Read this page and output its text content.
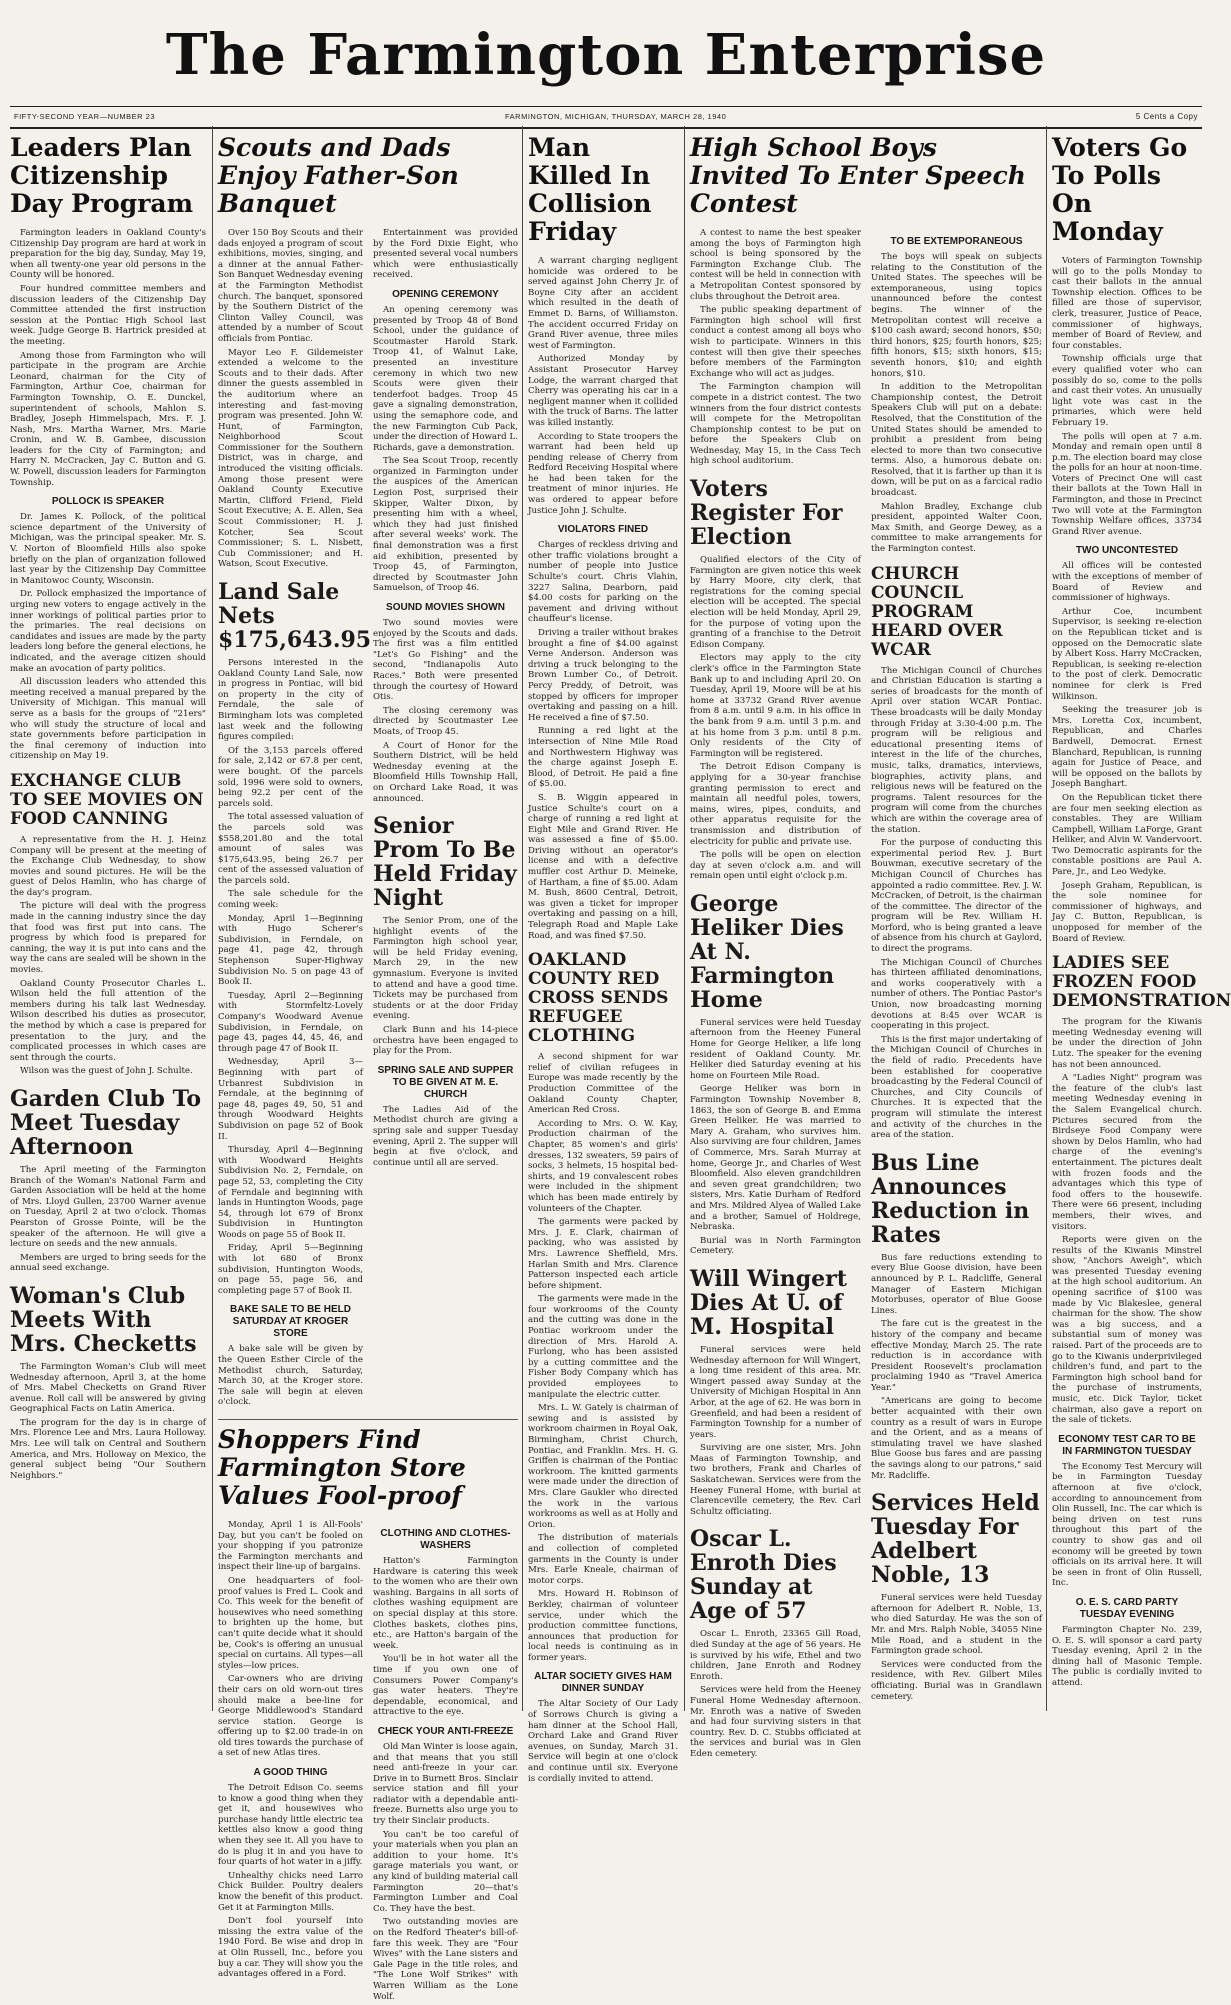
The Farmington Enterprise
FIFTY-SECOND YEAR—NUMBER 23	FARMINGTON, MICHIGAN, THURSDAY, MARCH 28, 1940	5 Cents a Copy
Leaders Plan Citizenship Day Program

Farmington leaders in Oakland County's Citizenship Day program are hard at work in preparation for the big day, Sunday, May 19, when all twenty-one year old persons in the County will be honored.

Four hundred committee members and discussion leaders of the Citizenship Day Committee attended the first instruction session at the Pontiac High School last week. Judge George B. Hartrick presided at the meeting.

Among those from Farmington who will participate in the program are Archie Leonard, chairman for the City of Farmington, Arthur Coe, chairman for Farmington Township, O. E. Dunckel, superintendent of schools, Mahlon S. Bradley, Joseph Himmelspach, Mrs. F. J. Nash, Mrs. Martha Warner, Mrs. Marie Cronin, and W. B. Gambee, discussion leaders for the City of Farmington; and Harry N. McCracken, Jay C. Button and G. W. Powell, discussion leaders for Farmington Township.

POLLOCK IS SPEAKER

Dr. James K. Pollock, of the political science department of the University of Michigan, was the principal speaker. Mr. S. V. Norton of Bloomfield Hills also spoke briefly on the plan of organization followed last year by the Citizenship Day Committee in Manitowoc County, Wisconsin.

Dr. Pollock emphasized the importance of urging new voters to engage actively in the inner workings of political parties prior to the primaries. The real decisions on candidates and issues are made by the party leaders long before the general elections, he indicated, and the average citizen should make an avocation of party politics.

All discussion leaders who attended this meeting received a manual prepared by the University of Michigan. This manual will serve as a basis for the groups of "21ers" who will study the structure of local and state governments before participation in the final ceremony of induction into citizenship on May 19.

EXCHANGE CLUB TO SEE MOVIES ON FOOD CANNING

A representative from the H. J. Heinz Company will be present at the meeting of the Exchange Club Wednesday, to show movies and sound pictures. He will be the guest of Delos Hamlin, who has charge of the day's program.

The picture will deal with the progress made in the canning industry since the day that food was first put into cans. The progress by which food is prepared for canning, the way it is put into cans and the way the cans are sealed will be shown in the movies.

Oakland County Prosecutor Charles L. Wilson held the full attention of the members during his talk last Wednesday. Wilson described his duties as prosecutor, the method by which a case is prepared for presentation to the jury, and the complicated processes in which cases are sent through the courts.

Wilson was the guest of John J. Schulte.

Garden Club To Meet Tuesday Afternoon

The April meeting of the Farmington Branch of the Woman's National Farm and Garden Association will be held at the home of Mrs. Lloyd Gullen, 23700 Warner avenue on Tuesday, April 2 at two o'clock. Thomas Pearston of Grosse Pointe, will be the speaker of the afternoon. He will give a lecture on seeds and the new annuals.

Members are urged to bring seeds for the annual seed exchange.

Woman's Club Meets With Mrs. Checketts

The Farmington Woman's Club will meet Wednesday afternoon, April 3, at the home of Mrs. Mabel Checketts on Grand River avenue. Roll call will be answered by giving Geographical Facts on Latin America.

The program for the day is in charge of Mrs. Florence Lee and Mrs. Laura Holloway. Mrs. Lee will talk on Central and Southern America, and Mrs. Holloway on Mexico, the general subject being "Our Southern Neighbors."

Scouts and Dads Enjoy Father-Son Banquet

Over 150 Boy Scouts and their dads enjoyed a program of scout exhibitions, movies, singing, and a dinner at the annual Father-Son Banquet Wednesday evening at the Farmington Methodist church. The banquet, sponsored by the Southern District of the Clinton Valley Council, was attended by a number of Scout officials from Pontiac.

Mayor Leo F. Gildemeister extended a welcome to the Scouts and to their dads. After dinner the guests assembled in the auditorium where an interesting and fast-moving program was presented. John W. Hunt, of Farmington, Neighborhood Scout Commissioner for the Southern District, was in charge, and introduced the visiting officials. Among those present were Oakland County Executive Martin, Clifford Friend, Field Scout Executive; A. E. Allen, Sea Scout Commissioner; H. J. Kotcher, Sea Scout Commissioner; S. L. Nisbett, Cub Commissioner; and H. Watson, Scout Executive.

Land Sale Nets $175,643.95

Persons interested in the Oakland County Land Sale, now in progress in Pontiac, will bid on property in the city of Ferndale, the sale of Birmingham lots was completed last week and the following figures compiled:

Of the 3,153 parcels offered for sale, 2,142 or 67.8 per cent, were bought. Of the parcels sold, 1996 were sold to owners, being 92.2 per cent of the parcels sold.

The total assessed valuation of the parcels sold was $558,201.80 and the total amount of sales was $175,643.95, being 26.7 per cent of the assessed valuation of the parcels sold.

The sale schedule for the coming week:

Monday, April 1—Beginning with Hugo Scherer's Subdivision, in Ferndale, on page 41, page 42, through Stephenson Super-Highway Subdivision No. 5 on page 43 of Book II.

Tuesday, April 2—Beginning with Stormfeltz-Lovely Company's Woodward Avenue Subdivision, in Ferndale, on page 43, pages 44, 45, 46, and through page 47 of Book II.

Wednesday, April 3—Beginning with part of Urbanrest Subdivision in Ferndale, at the beginning of page 48, pages 49, 50, 51 and through Woodward Heights Subdivision on page 52 of Book II.

Thursday, April 4—Beginning with Woodward Heights Subdivision No. 2, Ferndale, on page 52, 53, completing the City of Ferndale and beginning with lands in Huntington Woods, page 54, through lot 679 of Bronx Subdivision in Huntington Woods on page 55 of Book II.

Friday, April 5—Beginning with lot 680 of Bronx subdivision, Huntington Woods, on page 55, page 56, and completing page 57 of Book II.

BAKE SALE TO BE HELD SATURDAY AT KROGER STORE

A bake sale will be given by the Queen Esther Circle of the Methodist church, Saturday, March 30, at the Kroger store. The sale will begin at eleven o'clock.

Entertainment was provided by the Ford Dixie Eight, who presented several vocal numbers which were enthusiastically received.

OPENING CEREMONY

An opening ceremony was presented by Troop 48 of Bond School, under the guidance of Scoutmaster Harold Stark. Troop 41, of Walnut Lake, presented an investiture ceremony in which two new Scouts were given their tenderfoot badges. Troop 45 gave a signaling demonstration, using the semaphore code, and the new Farmington Cub Pack, under the direction of Howard L. Richards, gave a demonstration.

The Sea Scout Troop, recently organized in Farmington under the auspices of the American Legion Post, surprised their Skipper, Walter Dixon, by presenting him with a wheel, which they had just finished after several weeks' work. The final demonstration was a first aid exhibition, presented by Troop 45, of Farmington, directed by Scoutmaster John Samuelson, of Troop 46.

SOUND MOVIES SHOWN

Two sound movies were enjoyed by the Scouts and dads. The first was a film entitled "Let's Go Fishing" and the second, "Indianapolis Auto Races." Both were presented through the courtesy of Howard Otis.

The closing ceremony was directed by Scoutmaster Lee Moats, of Troop 45.

A Court of Honor for the Southern District, will be held Wednesday evening at the Bloomfield Hills Township Hall, on Orchard Lake Road, it was announced.

Senior Prom To Be Held Friday Night

The Senior Prom, one of the highlight events of the Farmington high school year, will be held Friday evening, March 29, in the new gymnasium. Everyone is invited to attend and have a good time. Tickets may be purchased from students or at the door Friday evening.

Clark Bunn and his 14-piece orchestra have been engaged to play for the Prom.

SPRING SALE AND SUPPER TO BE GIVEN AT M. E. CHURCH

The Ladies Aid of the Methodist church are giving a spring sale and supper Tuesday evening, April 2. The supper will begin at five o'clock, and continue until all are served.

Shoppers Find Farmington Store Values Fool-proof

Monday, April 1 is All-Fools' Day, but you can't be fooled on your shopping if you patronize the Farmington merchants and inspect their line-up of bargains.

One headquarters of fool-proof values is Fred L. Cook and Co. This week for the benefit of housewives who need something to brighten up the home, but can't quite decide what it should be, Cook's is offering an unusual special on curtains. All types—all styles—low prices.

Car-owners who are driving their cars on old worn-out tires should make a bee-line for George Middlewood's Standard service station. George is offering up to $2.00 trade-in on old tires towards the purchase of a set of new Atlas tires.

A GOOD THING

The Detroit Edison Co. seems to know a good thing when they get it, and housewives who purchase handy little electric tea kettles also know a good thing when they see it. All you have to do is plug it in and you have to four quarts of hot water in a jiffy.

Unhealthy chicks need Larro Chick Builder. Poultry dealers know the benefit of this product. Get it at Farmington Mills.

Don't fool yourself into missing the extra value of the 1940 Ford. Be wise and drop in at Olin Russell, Inc., before you buy a car. They will show you the advantages offered in a Ford.

CLOTHING AND CLOTHES-WASHERS

Hatton's Farmington Hardware is catering this week to the women who are their own washing. Bargains in all sorts of clothes washing equipment are on special display at this store. Clothes baskets, clothes pins, etc., are Hatton's bargain of the week.

You'll be in hot water all the time if you own one of Consumers Power Company's gas water heaters. They're dependable, economical, and attractive to the eye.

CHECK YOUR ANTI-FREEZE

Old Man Winter is loose again, and that means that you still need anti-freeze in your car. Drive in to Burnett Bros. Sinclair service station and fill your radiator with a dependable anti-freeze. Burnetts also urge you to try their Sinclair products.

You can't be too careful of your materials when you plan an addition to your home. It's garage materials you want, or any kind of building material call Farmington 20—that's Farmington Lumber and Coal Co. They have the best.

Two outstanding movies are on the Redford Theater's bill-of-fare this week. They are "Four Wives" with the Lane sisters and Gale Page in the title roles, and "The Lone Wolf Strikes" with Warren William as the Lone Wolf.

Man Killed In Collision Friday

A warrant charging negligent homicide was ordered to be served against John Cherry Jr. of Boyne City after an accident which resulted in the death of Emmet D. Barns, of Williamston. The accident occurred Friday on Grand River avenue, three miles west of Farmington.

Authorized Monday by Assistant Prosecutor Harvey Lodge, the warrant charged that Cherry was operating his car in a negligent manner when it collided with the truck of Barns. The latter was killed instantly.

According to State troopers the warrant had been held up pending release of Cherry from Redford Receiving Hospital where he had been taken for the treatment of minor injuries. He was ordered to appear before Justice John J. Schulte.

VIOLATORS FINED

Charges of reckless driving and other traffic violations brought a number of people into Justice Schulte's court. Chris Vlahin, 3227 Salina, Dearborn, paid $4.00 costs for parking on the pavement and driving without chauffeur's license.

Driving a trailer without brakes brought a fine of $4.00 against Verne Anderson. Anderson was driving a truck belonging to the Brown Lumber Co., of Detroit. Percy Preddy, of Detroit, was stopped by officers for improper overtaking and passing on a hill. He received a fine of $7.50.

Running a red light at the intersection of Nine Mile Road and Northwestern Highway was the charge against Joseph E. Blood, of Detroit. He paid a fine of $5.00.

S. B. Wiggin appeared in Justice Schulte's court on a charge of running a red light at Eight Mile and Grand River. He was assessed a fine of $5.00. Driving without an operator's license and with a defective muffler cost Arthur D. Meineke, of Hartham, a fine of $5.00. Adam M. Bush, 8600 Central, Detroit, was given a ticket for improper overtaking and passing on a hill, Telegraph Road and Maple Lake Road, and was fined $7.50.

OAKLAND COUNTY RED CROSS SENDS REFUGEE CLOTHING

A second shipment for war relief of civilian refugees in Europe was made recently by the Production Committee of the Oakland County Chapter, American Red Cross.

According to Mrs. O. W. Kay, Production chairman of the Chapter, 85 women's and girls' dresses, 132 sweaters, 59 pairs of socks, 3 helmets, 15 hospital bed-shirts, and 19 convalescent robes were included in the shipment which has been made entirely by volunteers of the Chapter.

The garments were packed by Mrs. J. E. Clark, chairman of packing, who was assisted by Mrs. Lawrence Sheffield, Mrs. Harlan Smith and Mrs. Clarence Patterson inspected each article before shipment.

The garments were made in the four workrooms of the County and the cutting was done in the Pontiac workroom under the direction of Mrs. Harold A. Furlong, who has been assisted by a cutting committee and the Fisher Body Company which has provided employees to manipulate the electric cutter.

Mrs. L. W. Gately is chairman of sewing and is assisted by workroom chairmen in Royal Oak, Birmingham, Christ Church, Pontiac, and Franklin. Mrs. H. G. Griffen is chairman of the Pontiac workroom. The knitted garments were made under the direction of Mrs. Clare Gaukler who directed the work in the various workrooms as well as at Holly and Orion.

The distribution of materials and collection of completed garments in the County is under Mrs. Earle Kneale, chairman of motor corps.

Mrs. Howard H. Robinson of Berkley, chairman of volunteer service, under which the production committee functions, announces that production for local needs is continuing as in former years.

ALTAR SOCIETY GIVES HAM DINNER SUNDAY

The Altar Society of Our Lady of Sorrows Church is giving a ham dinner at the School Hall, Orchard Lake and Grand River avenues, on Sunday, March 31. Service will begin at one o'clock and continue until six. Everyone is cordially invited to attend.

High School Boys Invited To Enter Speech Contest

A contest to name the best speaker among the boys of Farmington high school is being sponsored by the Farmington Exchange Club. The contest will be held in connection with a Metropolitan Contest sponsored by clubs throughout the Detroit area.

The public speaking department of Farmington high school will first conduct a contest among all boys who wish to participate. Winners in this contest will then give their speeches before members of the Farmington Exchange who will act as judges.

The Farmington champion will compete in a district contest. The two winners from the four district contests will compete for the Metropolitan Championship contest to be put on before the Speakers Club on Wednesday, May 15, in the Cass Tech high school auditorium.

Voters Register For Election

Qualified electors of the City of Farmington are given notice this week by Harry Moore, city clerk, that registrations for the coming special election will be accepted. The special election will be held Monday, April 29, for the purpose of voting upon the granting of a franchise to the Detroit Edison Company.

Electors may apply to the city clerk's office in the Farmington State Bank up to and including April 20. On Tuesday, April 19, Moore will be at his home at 33732 Grand River avenue from 8 a.m. until 9 a.m. in his office in the bank from 9 a.m. until 3 p.m. and at his home from 3 p.m. until 8 p.m. Only residents of the City of Farmington will be registered.

The Detroit Edison Company is applying for a 30-year franchise granting permission to erect and maintain all needful poles, towers, mains, wires, pipes, conduits, and other apparatus requisite for the transmission and distribution of electricity for public and private use.

The polls will be open on election day at seven o'clock a.m. and will remain open until eight o'clock p.m.

George Heliker Dies At N. Farmington Home

Funeral services were held Tuesday afternoon from the Heeney Funeral Home for George Heliker, a life long resident of Oakland County. Mr. Heliker died Saturday evening at his home on Fourteen Mile Road.

George Heliker was born in Farmington Township November 8, 1863, the son of George B. and Emma Green Heliker. He was married to Mary A. Graham, who survives him. Also surviving are four children, James of Commerce, Mrs. Sarah Murray at home, George Jr., and Charles of West Bloomfield. Also eleven grandchildren and seven great grandchildren; two sisters, Mrs. Katie Durham of Redford and Mrs. Mildred Alyea of Walled Lake and a brother, Samuel of Holdrege, Nebraska.

Burial was in North Farmington Cemetery.

Will Wingert Dies At U. of M. Hospital

Funeral services were held Wednesday afternoon for Will Wingert, a long time resident of this area. Mr. Wingert passed away Sunday at the University of Michigan Hospital in Ann Arbor, at the age of 62. He was born in Greenfield, and had been a resident of Farmington Township for a number of years.

Surviving are one sister, Mrs. John Maas of Farmington Township, and two brothers, Frank and Charles of Saskatchewan. Services were from the Heeney Funeral Home, with burial at Clarenceville cemetery, the Rev. Carl Schultz officiating.

Oscar L. Enroth Dies Sunday at Age of 57

Oscar L. Enroth, 23365 Gill Road, died Sunday at the age of 56 years. He is survived by his wife, Ethel and two children, Jane Enroth and Rodney Enroth.

Services were held from the Heeney Funeral Home Wednesday afternoon. Mr. Enroth was a native of Sweden and had four surviving sisters in that country. Rev. D. C. Stubbs officiated at the services and burial was in Glen Eden cemetery.

TO BE EXTEMPORANEOUS

The boys will speak on subjects relating to the Constitution of the United States. The speeches will be extemporaneous, using topics unannounced before the contest begins. The winner of the Metropolitan contest will receive a $100 cash award; second honors, $50; third honors, $25; fourth honors, $25; fifth honors, $15; sixth honors, $15; seventh honors, $10; and eighth honors, $10.

In addition to the Metropolitan Championship contest, the Detroit Speakers Club will put on a debate: Resolved, that the Constitution of the United States should be amended to prohibit a president from being elected to more than two consecutive terms. Also, a humorous debate on: Resolved, that it is farther up than it is down, will be put on as a farcical radio broadcast.

Mahlon Bradley, Exchange club president, appointed Walter Coon, Max Smith, and George Dewey, as a committee to make arrangements for the Farmington contest.

CHURCH COUNCIL PROGRAM HEARD OVER WCAR

The Michigan Council of Churches and Christian Education is starting a series of broadcasts for the month of April over station WCAR Pontiac. These broadcasts will be daily Monday through Friday at 3:30-4:00 p.m. The program will be religious and educational presenting items of interest in the life of the churches, music, talks, dramatics, interviews, biographies, activity plans, and religious news will be featured on the programs. Talent resources for the program will come from the churches which are within the coverage area of the station.

For the purpose of conducting this experimental period Rev. J. Burt Bouwman, executive secretary of the Michigan Council of Churches has appointed a radio committee. Rev. J. W. McCracken, of Detroit, is the chairman of the committee. The director of the program will be Rev. William H. Morford, who is being granted a leave of absence from his church at Gaylord, to direct the programs.

The Michigan Council of Churches has thirteen affiliated denominations, and works cooperatively with a number of others. The Pontiac Pastor's Union, now broadcasting morning devotions at 8:45 over WCAR is cooperating in this project.

This is the first major undertaking of the Michigan Council of Churches in the field of radio. Precedents have been established for cooperative broadcasting by the Federal Council of Churches, and City Councils of Churches. It is expected that the program will stimulate the interest and activity of the churches in the area of the station.

Bus Line Announces Reduction in Rates

Bus fare reductions extending to every Blue Goose division, have been announced by P. L. Radcliffe, General Manager of Eastern Michigan Motorbuses, operator of Blue Goose Lines.

The fare cut is the greatest in the history of the company and became effective Monday, March 25. The rate reduction is in accordance with President Roosevelt's proclamation proclaiming 1940 as "Travel America Year."

"Americans are going to become better acquainted with their own country as a result of wars in Europe and the Orient, and as a means of stimulating travel we have slashed Blue Goose bus fares and are passing the savings along to our patrons," said Mr. Radcliffe.

Services Held Tuesday For Adelbert Noble, 13

Funeral services were held Tuesday afternoon for Adelbert R. Noble, 13, who died Saturday. He was the son of Mr. and Mrs. Ralph Noble, 34055 Nine Mile Road, and a student in the Farmington grade school.

Services were conducted from the residence, with Rev. Gilbert Miles officiating. Burial was in Grandlawn cemetery.

Voters Go To Polls On Monday

Voters of Farmington Township will go to the polls Monday to cast their ballots in the annual Township election. Offices to be filled are those of supervisor, clerk, treasurer, Justice of Peace, commissioner of highways, member of Board of Review, and four constables.

Township officials urge that every qualified voter who can possibly do so, come to the polls and cast their votes. An unusually light vote was cast in the primaries, which were held February 19.

The polls will open at 7 a.m. Monday and remain open until 8 p.m. The election board may close the polls for an hour at noon-time. Voters of Precinct One will cast their ballots at the Town Hall in Farmington, and those in Precinct Two will vote at the Farmington Township Welfare offices, 33734 Grand River avenue.

TWO UNCONTESTED

All offices will be contested with the exceptions of member of Board of Review and commissioner of highways.

Arthur Coe, incumbent Supervisor, is seeking re-election on the Republican ticket and is opposed on the Democratic slate by Albert Koss. Harry McCracken, Republican, is seeking re-election to the post of clerk. Democratic nominee for clerk is Fred Wilkinson.

Seeking the treasurer job is Mrs. Loretta Cox, incumbent, Republican, and Charles Bardwell, Democrat. Ernest Blanchard, Republican, is running again for Justice of Peace, and will be opposed on the ballots by Joseph Banghart.

On the Republican ticket there are four men seeking election as constables. They are William Campbell, William LaForge, Grant Heliker, and Alvin W. Vandervoort. Two Democratic aspirants for the constable positions are Paul A. Pare, Jr., and Leo Wedyke.

Joseph Graham, Republican, is the sole nominee for commissioner of highways, and Jay C. Button, Republican, is unopposed for member of the Board of Review.

LADIES SEE FROZEN FOOD DEMONSTRATION

The program for the Kiwanis meeting Wednesday evening will be under the direction of John Lutz. The speaker for the evening has not been announced.

A "Ladies Night" program was the feature of the club's last meeting Wednesday evening in the Salem Evangelical church. Pictures secured from the Birdseye Food Company were shown by Delos Hamlin, who had charge of the evening's entertainment. The pictures dealt with frozen foods and the advantages which this type of food offers to the housewife. There were 66 present, including members, their wives, and visitors.

Reports were given on the results of the Kiwanis Minstrel show, "Anchors Aweigh", which was presented Tuesday evening at the high school auditorium. An opening sacrifice of $100 was made by Vic Blakeslee, general chairman for the show. The show was a big success, and a substantial sum of money was raised. Part of the proceeds are to go to the Kiwanis underprivileged children's fund, and part to the Farmington high school band for the purchase of instruments, music, etc. Dick Taylor, ticket chairman, also gave a report on the sale of tickets.

ECONOMY TEST CAR TO BE IN FARMINGTON TUESDAY

The Economy Test Mercury will be in Farmington Tuesday afternoon at five o'clock, according to announcement from Olin Russell, Inc. The car which is being driven on test runs throughout this part of the country to show gas and oil economy will be greeted by town officials on its arrival here. It will be seen in front of Olin Russell, Inc.

O. E. S. CARD PARTY TUESDAY EVENING

Farmington Chapter No. 239, O. E. S. will sponsor a card party Tuesday evening, April 2 in the dining hall of Masonic Temple. The public is cordially invited to attend.
